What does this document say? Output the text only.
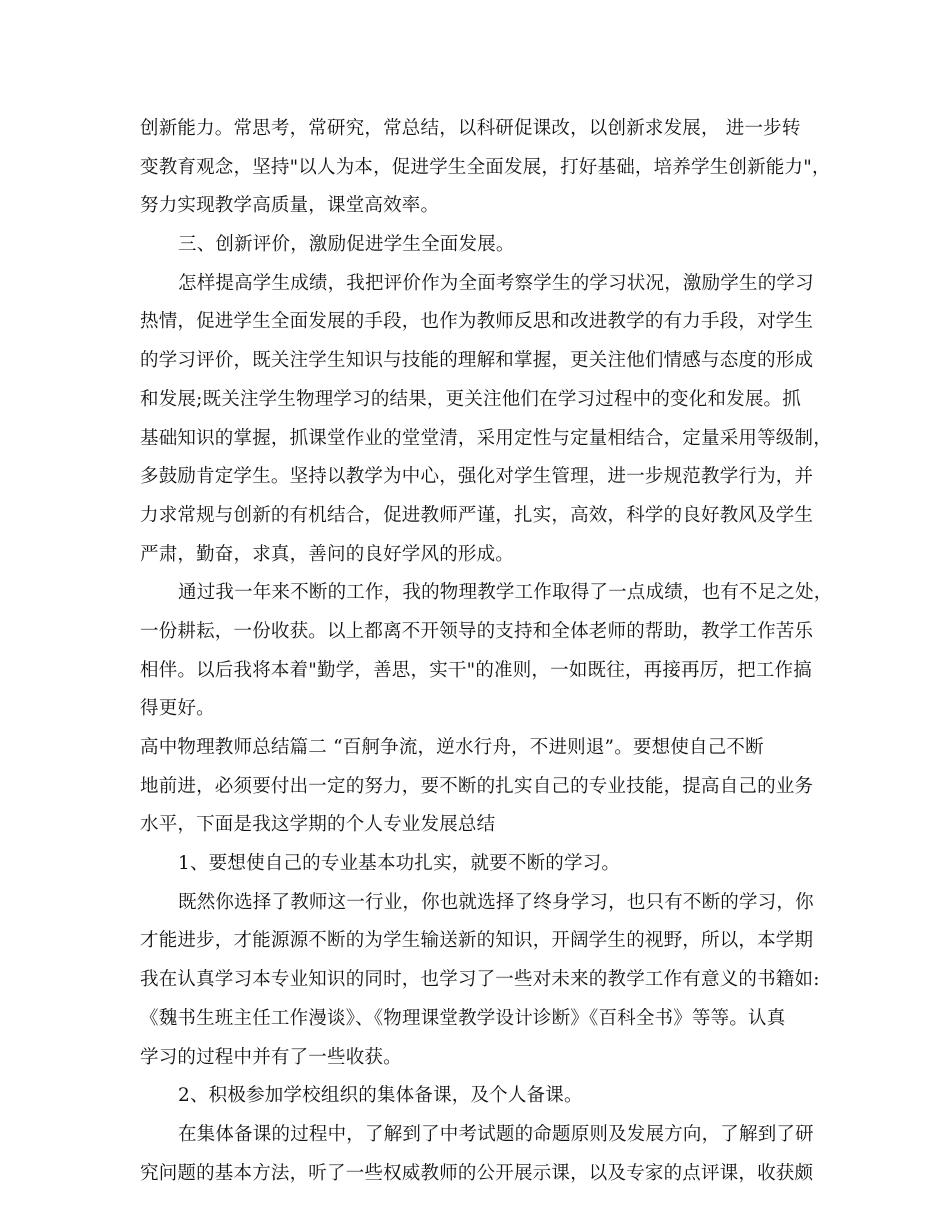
创新能力。常思考，常研究，常总结，以科研促课改，以创新求发展， 进一步转
变教育观念，坚持"以人为本，促进学生全面发展，打好基础，培养学生创新能力"，
努力实现教学高质量，课堂高效率。
三、创新评价，激励促进学生全面发展。
怎样提高学生成绩，我把评价作为全面考察学生的学习状况，激励学生的学习
热情，促进学生全面发展的手段，也作为教师反思和改进教学的有力手段，对学生
的学习评价，既关注学生知识与技能的理解和掌握，更关注他们情感与态度的形成
和发展;既关注学生物理学习的结果，更关注他们在学习过程中的变化和发展。抓
基础知识的掌握，抓课堂作业的堂堂清，采用定性与定量相结合，定量采用等级制，
多鼓励肯定学生。坚持以教学为中心，强化对学生管理，进一步规范教学行为，并
力求常规与创新的有机结合，促进教师严谨，扎实，高效，科学的良好教风及学生
严肃，勤奋，求真，善问的良好学风的形成。
通过我一年来不断的工作，我的物理教学工作取得了一点成绩，也有不足之处，
一份耕耘，一份收获。以上都离不开领导的支持和全体老师的帮助，教学工作苦乐
相伴。以后我将本着"勤学，善思，实干"的准则，一如既往，再接再厉，把工作搞
得更好。
高中物理教师总结篇二 “百舸争流，逆水行舟，不进则退”。要想使自己不断
地前进，必须要付出一定的努力，要不断的扎实自己的专业技能，提高自己的业务
水平，下面是我这学期的个人专业发展总结
1、要想使自己的专业基本功扎实，就要不断的学习。
既然你选择了教师这一行业，你也就选择了终身学习，也只有不断的学习，你
才能进步，才能源源不断的为学生输送新的知识，开阔学生的视野，所以，本学期
我在认真学习本专业知识的同时，也学习了一些对未来的教学工作有意义的书籍如:
《魏书生班主任工作漫谈》、《物理课堂教学设计诊断》《百科全书》等等。认真
学习的过程中并有了一些收获。
2、积极参加学校组织的集体备课，及个人备课。
在集体备课的过程中，了解到了中考试题的命题原则及发展方向，了解到了研
究问题的基本方法，听了一些权威教师的公开展示课，以及专家的点评课，收获颇
